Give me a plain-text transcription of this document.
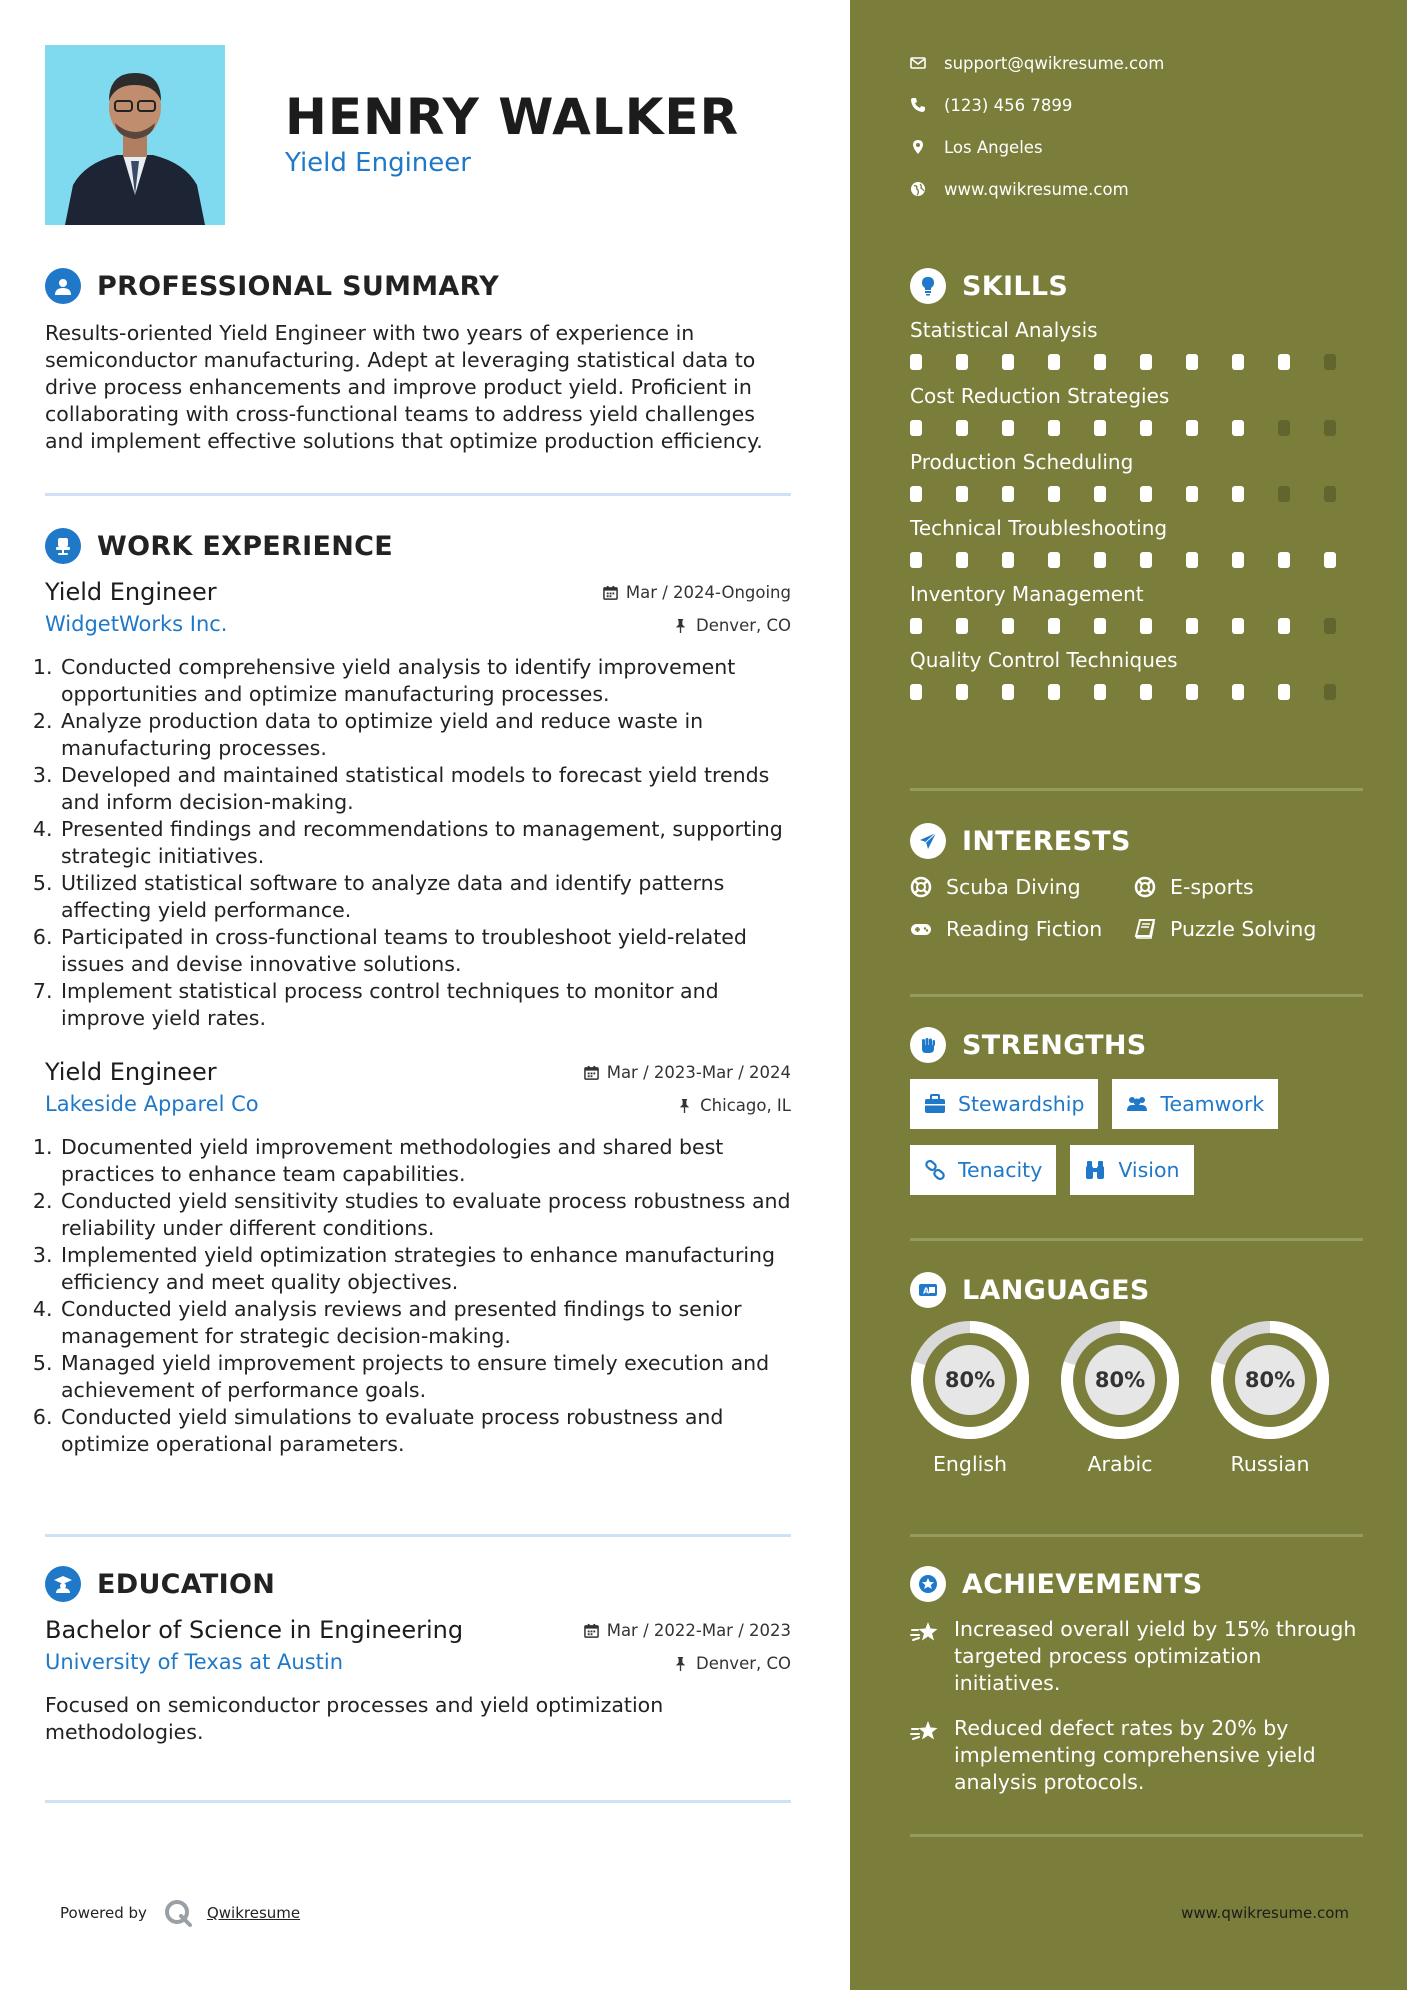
HENRY WALKER
Yield Engineer
PROFESSIONAL SUMMARY

Results-oriented Yield Engineer with two years of experience in semiconductor manufacturing. Adept at leveraging statistical data to drive process enhancements and improve product yield. Proficient in collaborating with cross-functional teams to address yield challenges and implement effective solutions that optimize production efficiency.

WORK EXPERIENCE
Yield Engineer
WidgetWorks Inc.
Mar / 2024-Ongoing
Denver, CO
1. Conducted comprehensive yield analysis to identify improvement opportunities and optimize manufacturing processes.
2. Analyze production data to optimize yield and reduce waste in manufacturing processes.
3. Developed and maintained statistical models to forecast yield trends and inform decision-making.
4. Presented findings and recommendations to management, supporting strategic initiatives.
5. Utilized statistical software to analyze data and identify patterns affecting yield performance.
6. Participated in cross-functional teams to troubleshoot yield-related issues and devise innovative solutions.
7. Implement statistical process control techniques to monitor and improve yield rates.
Yield Engineer
Lakeside Apparel Co
Mar / 2023-Mar / 2024
Chicago, IL
1. Documented yield improvement methodologies and shared best practices to enhance team capabilities.
2. Conducted yield sensitivity studies to evaluate process robustness and reliability under different conditions.
3. Implemented yield optimization strategies to enhance manufacturing efficiency and meet quality objectives.
4. Conducted yield analysis reviews and presented findings to senior management for strategic decision-making.
5. Managed yield improvement projects to ensure timely execution and achievement of performance goals.
6. Conducted yield simulations to evaluate process robustness and optimize operational parameters.
EDUCATION
Bachelor of Science in Engineering
University of Texas at Austin
Mar / 2022-Mar / 2023
Denver, CO

Focused on semiconductor processes and yield optimization methodologies.

Powered by	Qwikresume
support@qwikresume.com
(123) 456 7899
Los Angeles
www.qwikresume.com
SKILLS
Statistical Analysis
Cost Reduction Strategies
Production Scheduling
Technical Troubleshooting
Inventory Management
Quality Control Techniques
INTERESTS
Scuba Diving	E-sports
Reading Fiction	Puzzle Solving
STRENGTHS
Stewardship	Teamwork
Tenacity	Vision
A LANGUAGES
80%
English
80%
Arabic
80%
Russian
ACHIEVEMENTS
Increased overall yield by 15% through targeted process optimization initiatives.
Reduced defect rates by 20% by implementing comprehensive yield analysis protocols.
www.qwikresume.com
